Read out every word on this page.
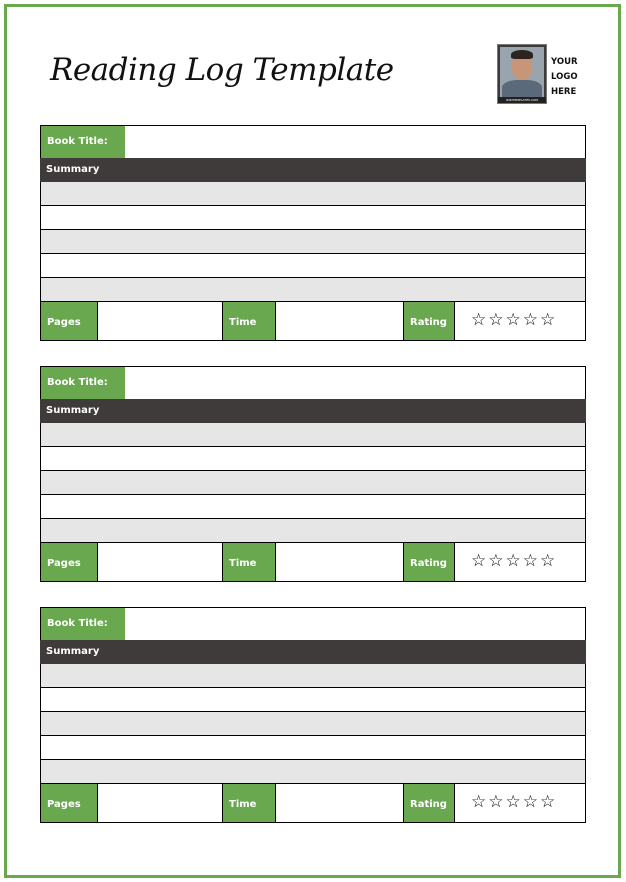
Reading Log Template
WIKITEMPLATES.COM
YOUR
LOGO
HERE
Book Title:
Summary
Pages	Time	Rating	☆☆☆☆☆
Book Title:
Summary
Pages	Time	Rating	☆☆☆☆☆
Book Title:
Summary
Pages	Time	Rating	☆☆☆☆☆
